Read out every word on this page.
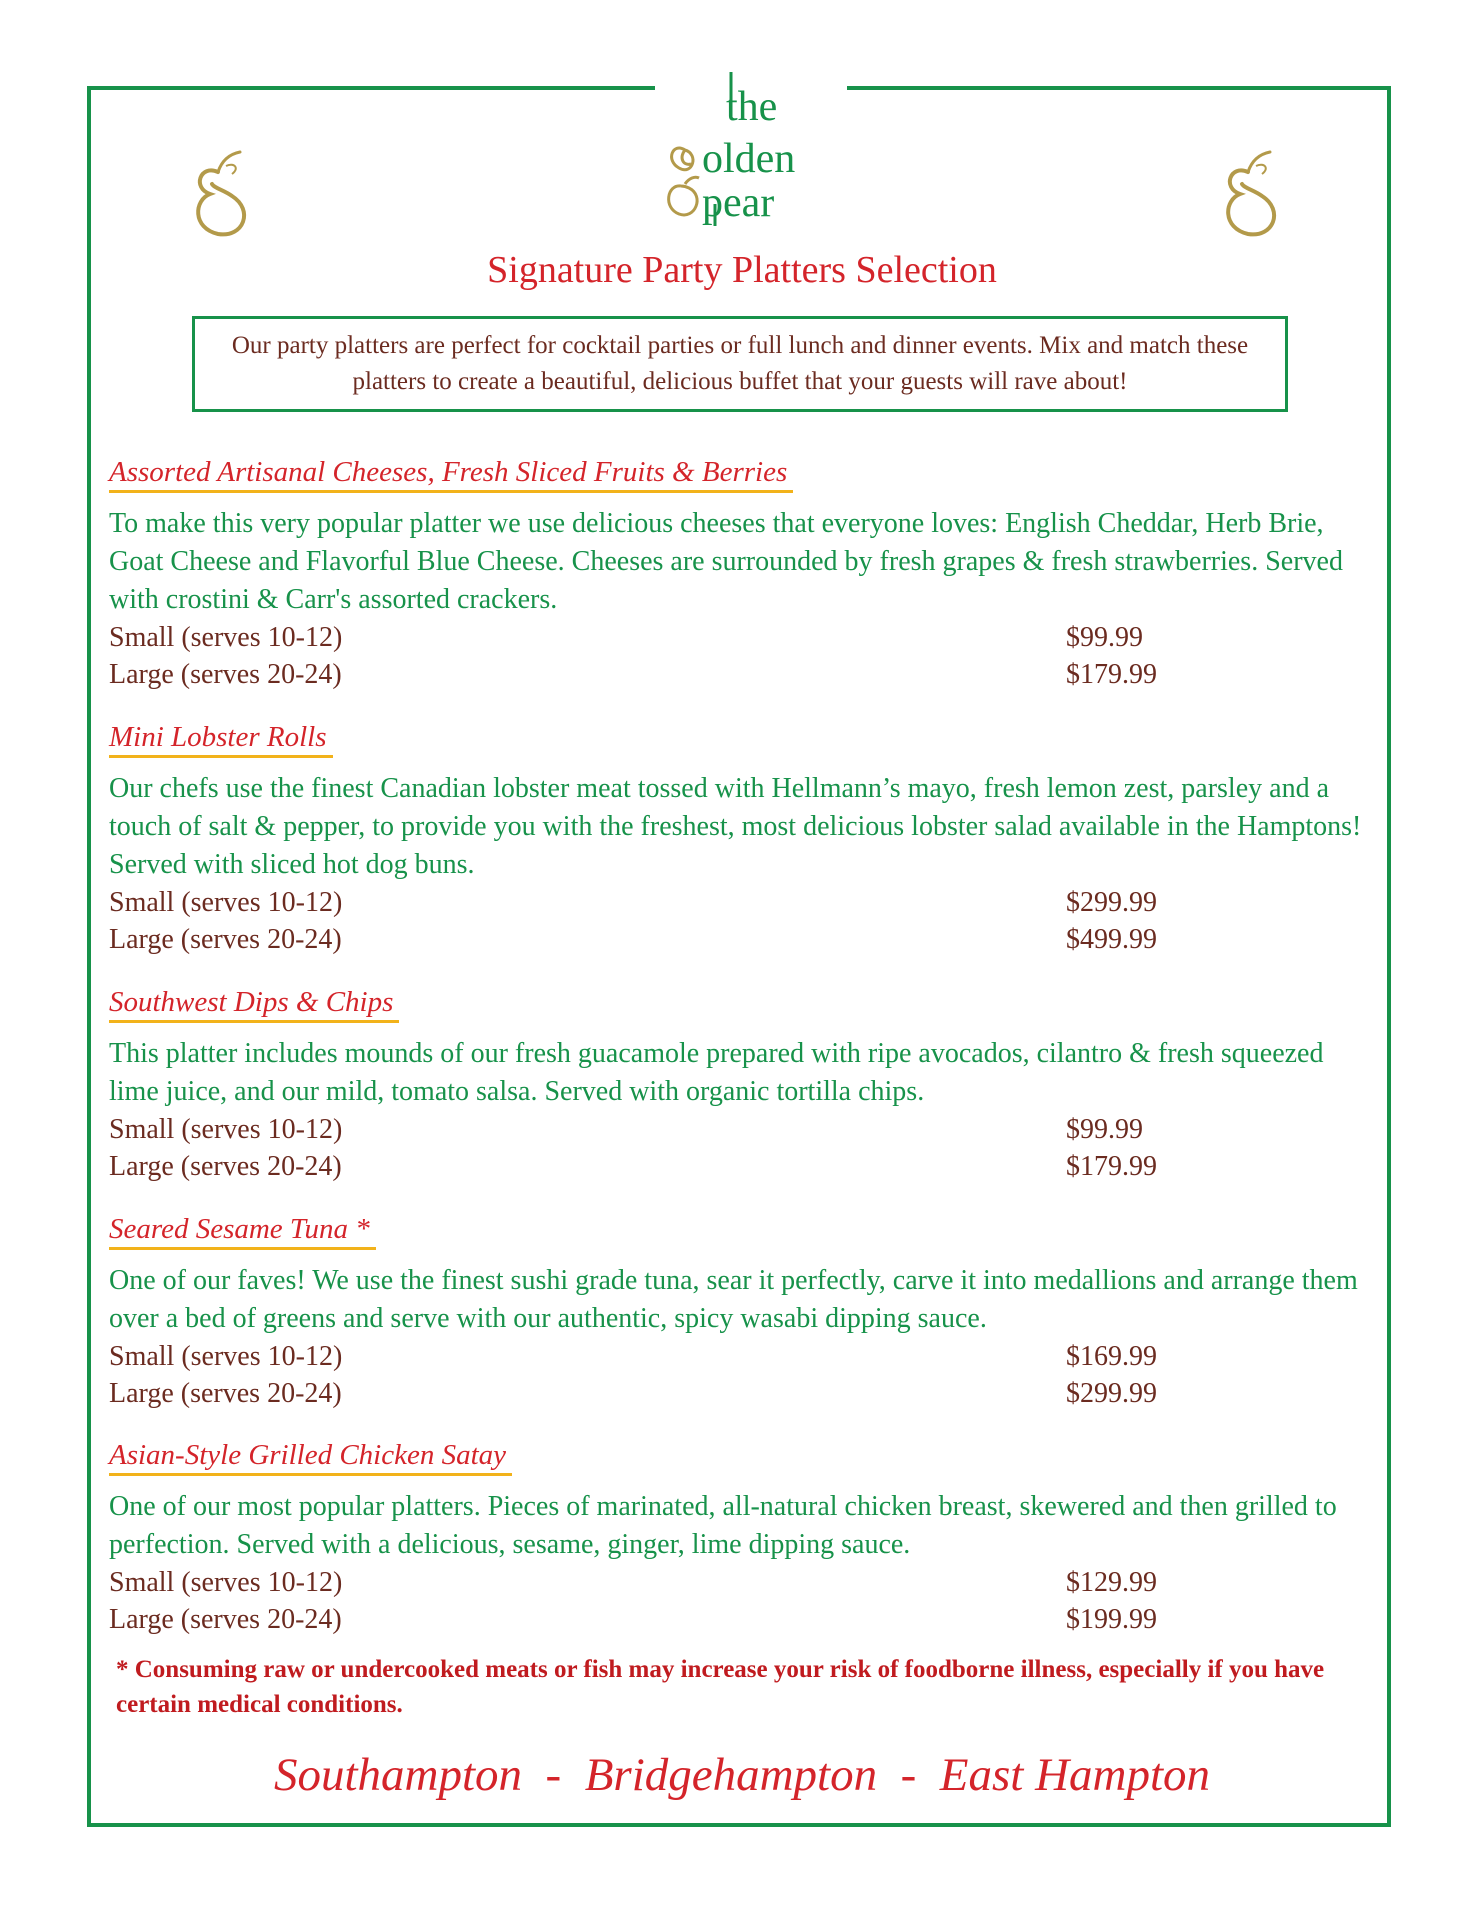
the
olden
pear
Signature Party Platters Selection
Our party platters are perfect for cocktail parties or full lunch and dinner events. Mix and match these platters to create a beautiful, delicious buffet that your guests will rave about!
Assorted Artisanal Cheeses, Fresh Sliced Fruits & Berries
To make this very popular platter we use delicious cheeses that everyone loves: English Cheddar, Herb Brie, Goat Cheese and Flavorful Blue Cheese. Cheeses are surrounded by fresh grapes & fresh strawberries. Served with crostini & Carr's assorted crackers.
Small (serves 10-12)	$99.99
Large (serves 20-24)	$179.99
Mini Lobster Rolls
Our chefs use the finest Canadian lobster meat tossed with Hellmann’s mayo, fresh lemon zest, parsley and a touch of salt & pepper, to provide you with the freshest, most delicious lobster salad available in the Hamptons! Served with sliced hot dog buns.
Small (serves 10-12)	$299.99
Large (serves 20-24)	$499.99
Southwest Dips & Chips
This platter includes mounds of our fresh guacamole prepared with ripe avocados, cilantro & fresh squeezed lime juice, and our mild, tomato salsa. Served with organic tortilla chips.
Small (serves 10-12)	$99.99
Large (serves 20-24)	$179.99
Seared Sesame Tuna *
One of our faves! We use the finest sushi grade tuna, sear it perfectly, carve it into medallions and arrange them over a bed of greens and serve with our authentic, spicy wasabi dipping sauce.
Small (serves 10-12)	$169.99
Large (serves 20-24)	$299.99
Asian-Style Grilled Chicken Satay
One of our most popular platters. Pieces of marinated, all-natural chicken breast, skewered and then grilled to perfection. Served with a delicious, sesame, ginger, lime dipping sauce.
Small (serves 10-12)	$129.99
Large (serves 20-24)	$199.99
* Consuming raw or undercooked meats or fish may increase your risk of foodborne illness, especially if you have certain medical conditions.
Southampton  -  Bridgehampton  -  East Hampton
